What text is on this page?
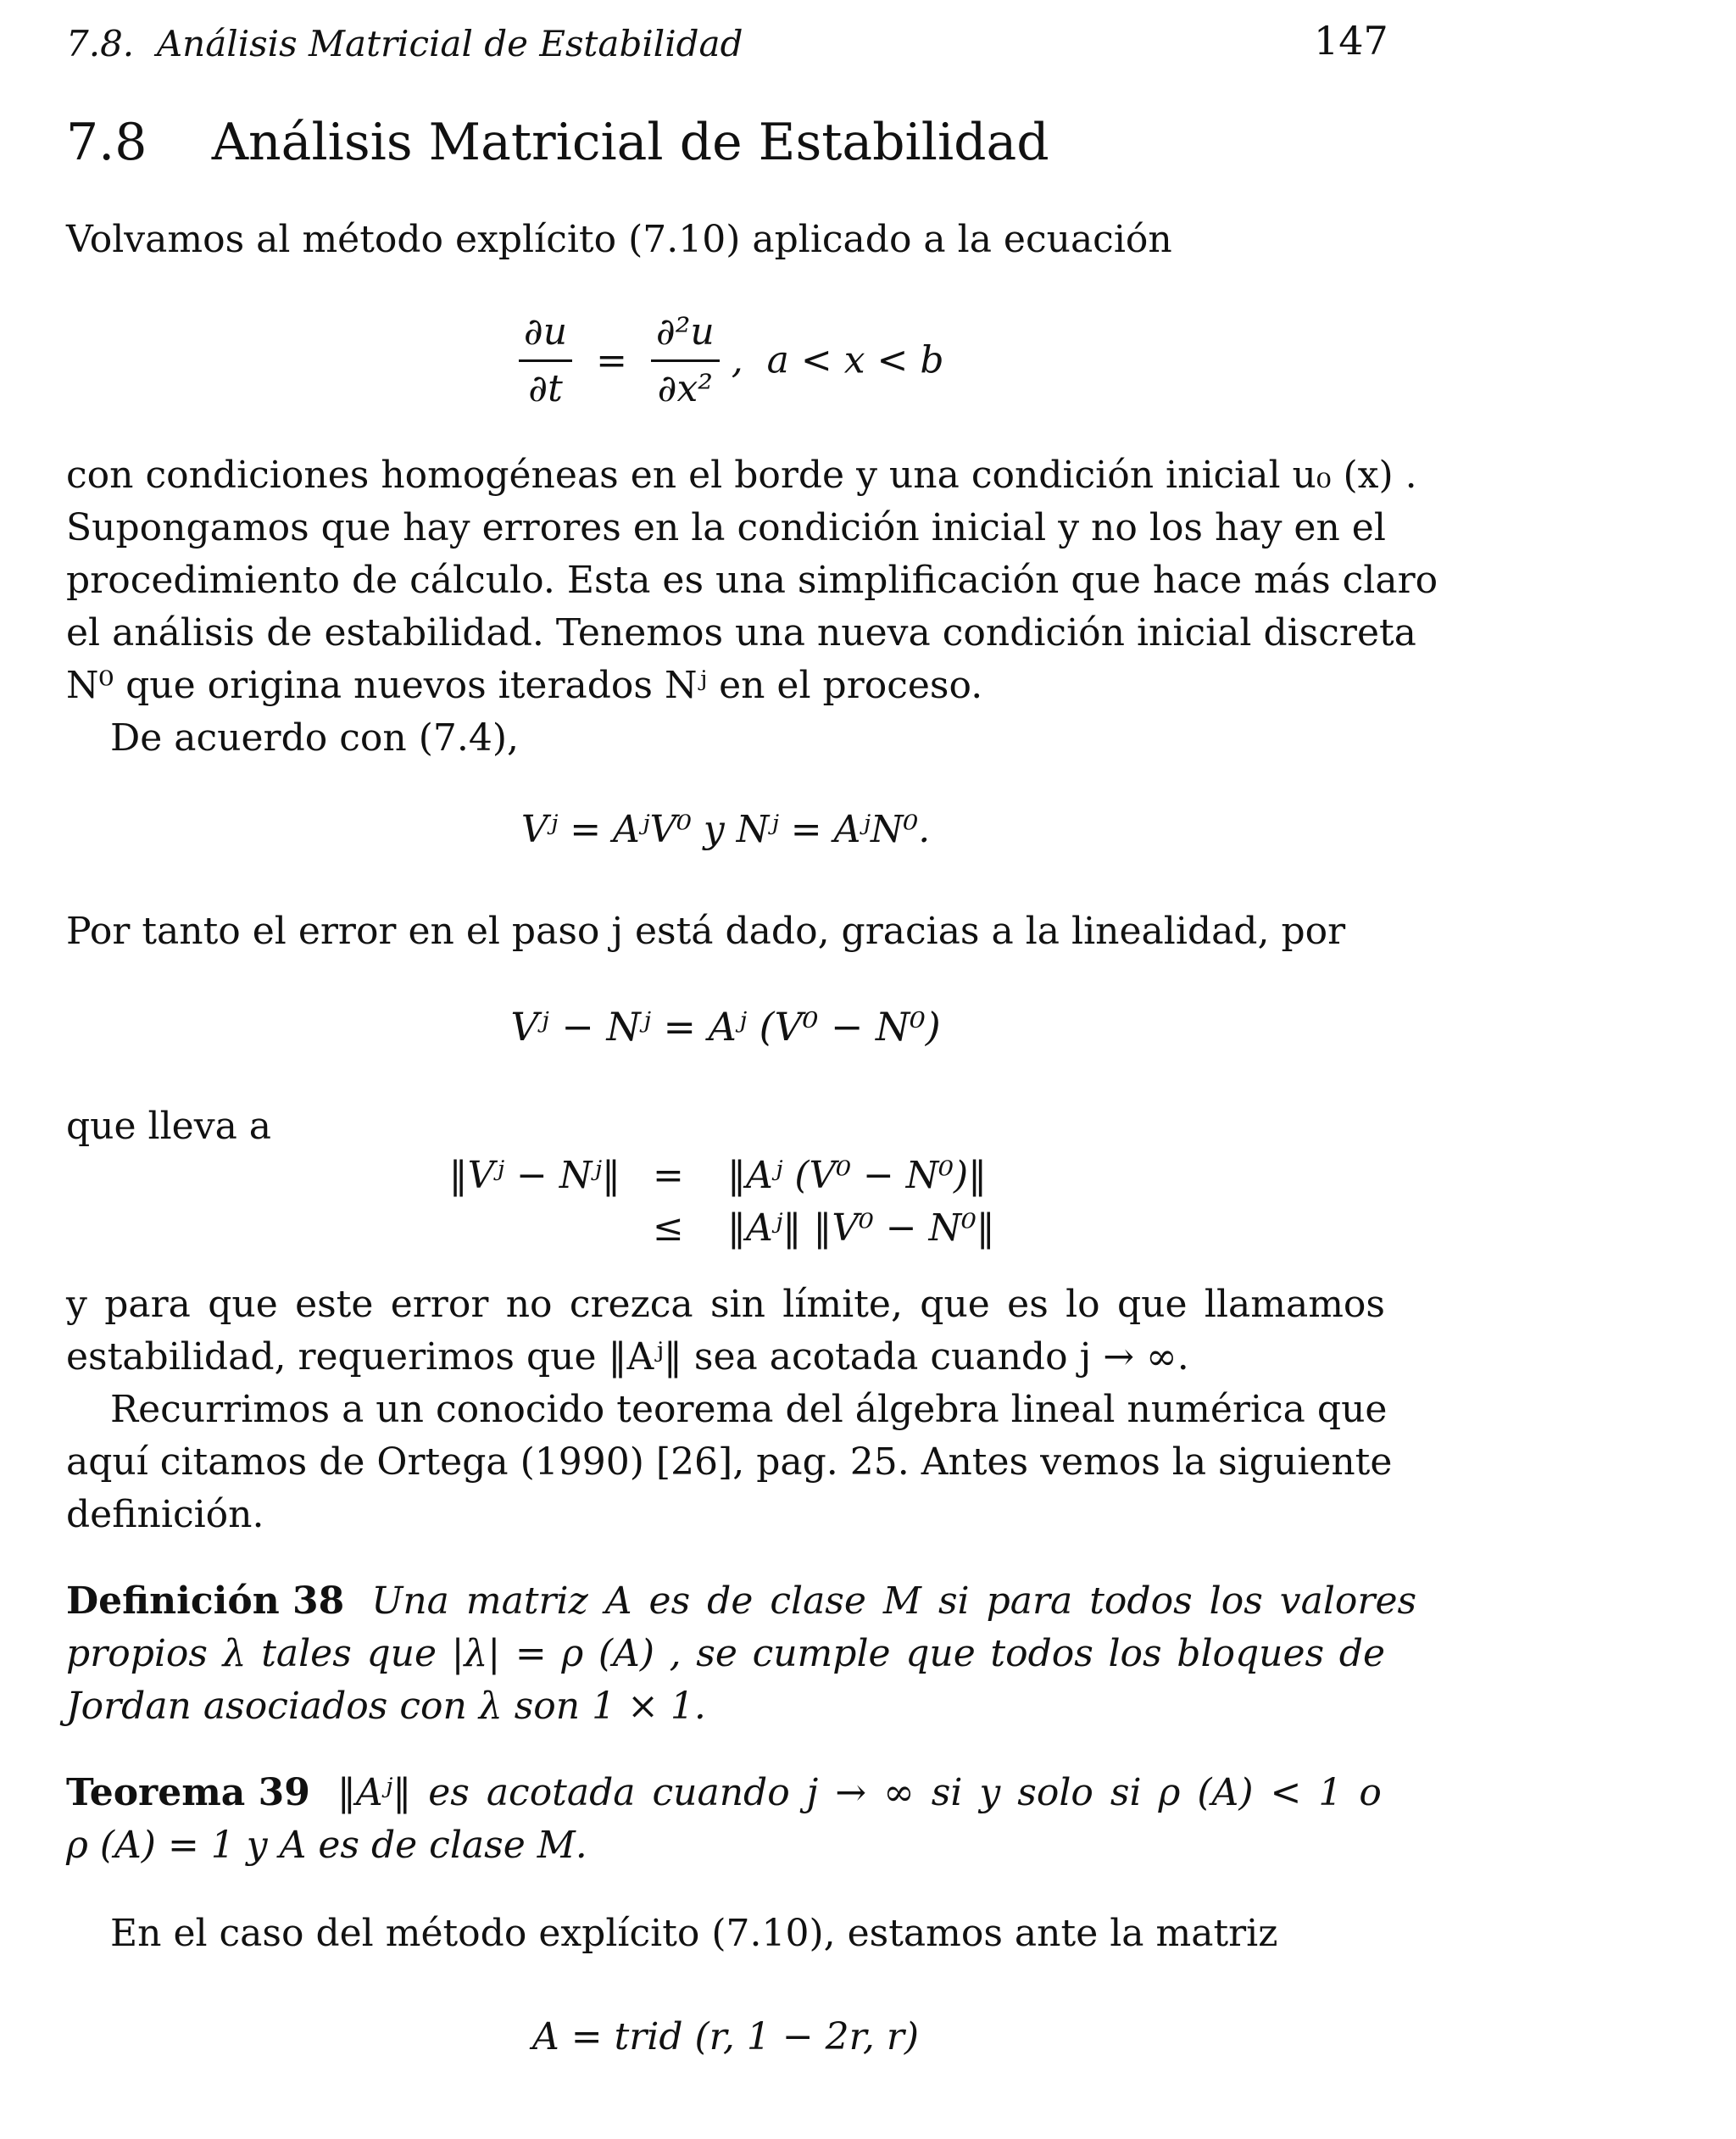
7.8.  Análisis Matricial de Estabilidad	147
7.8    Análisis Matricial de Estabilidad
Volvamos al método explícito (7.10) aplicado a la ecuación
$\frac{\partial u}{\partial t} = \frac{\text{∂²u}}{\text{∂x²}}$ ,  a < x < b
con condiciones homogéneas en el borde y una condición inicial u₀ (x) .
Supongamos que hay errores en la condición inicial y no los hay en el
procedimiento de cálculo. Esta es una simplificación que hace más claro
el análisis de estabilidad. Tenemos una nueva condición inicial discreta
N⁰ que origina nuevos iterados Nʲ en el proceso.
De acuerdo con (7.4),
Vʲ = AʲV⁰ y Nʲ = AʲN⁰.
Por tanto el error en el paso j está dado, gracias a la linealidad, por
Vʲ − Nʲ = Aʲ (V⁰ − N⁰)
que lleva a
‖Vʲ − Nʲ‖ = ‖Aʲ (V⁰ − N⁰)‖
≤ ‖Aʲ‖ ‖V⁰ − N⁰‖
y para que este error no crezca sin límite, que es lo que llamamos
estabilidad, requerimos que ‖Aʲ‖ sea acotada cuando j → ∞.
Recurrimos a un conocido teorema del álgebra lineal numérica que
aquí citamos de Ortega (1990) [26], pag. 25. Antes vemos la siguiente
definición.
Definición 38 Una matriz A es de clase M si para todos los valores
propios λ tales que |λ| = ρ (A) , se cumple que todos los bloques de
Jordan asociados con λ son 1 × 1.
Teorema 39 ‖Aʲ‖ es acotada cuando j → ∞ si y solo si ρ (A) < 1 o
ρ (A) = 1 y A es de clase M.
En el caso del método explícito (7.10), estamos ante la matriz
A = trid (r, 1 − 2r, r)
